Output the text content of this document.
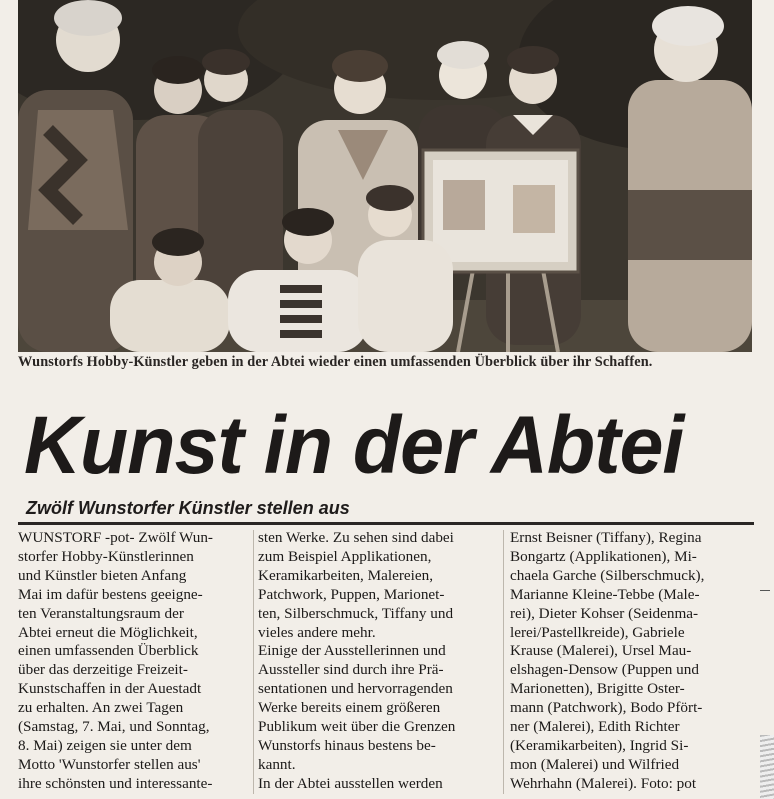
Wunstorfs Hobby-Künstler geben in der Abtei wieder einen umfassenden Überblick über ihr Schaffen.
Kunst in der Abtei
Zwölf Wunstorfer Künstler stellen aus
WUNSTORF -pot- Zwölf Wun-
storfer Hobby-Künstlerinnen
und Künstler bieten Anfang
Mai im dafür bestens geeigne-
ten Veranstaltungsraum der
Abtei erneut die Möglichkeit,
einen umfassenden Überblick
über das derzeitige Freizeit-
Kunstschaffen in der Auestadt
zu erhalten. An zwei Tagen
(Samstag, 7. Mai, und Sonntag,
8. Mai) zeigen sie unter dem
Motto 'Wunstorfer stellen aus'
ihre schönsten und interessante-
sten Werke. Zu sehen sind dabei
zum Beispiel Applikationen,
Keramikarbeiten, Malereien,
Patchwork, Puppen, Marionet-
ten, Silberschmuck, Tiffany und
vieles andere mehr.
Einige der Ausstellerinnen und
Aussteller sind durch ihre Prä-
sentationen und hervorragenden
Werke bereits einem größeren
Publikum weit über die Grenzen
Wunstorfs hinaus bestens be-
kannt.
In der Abtei ausstellen werden
Ernst Beisner (Tiffany), Regina
Bongartz (Applikationen), Mi-
chaela Garche (Silberschmuck),
Marianne Kleine-Tebbe (Male-
rei), Dieter Kohser (Seidenma-
lerei/Pastellkreide), Gabriele
Krause (Malerei), Ursel Mau-
elshagen-Densow (Puppen und
Marionetten), Brigitte Oster-
mann (Patchwork), Bodo Pfört-
ner (Malerei), Edith Richter
(Keramikarbeiten), Ingrid Si-
mon (Malerei) und Wilfried
Wehrhahn (Malerei). Foto: pot
